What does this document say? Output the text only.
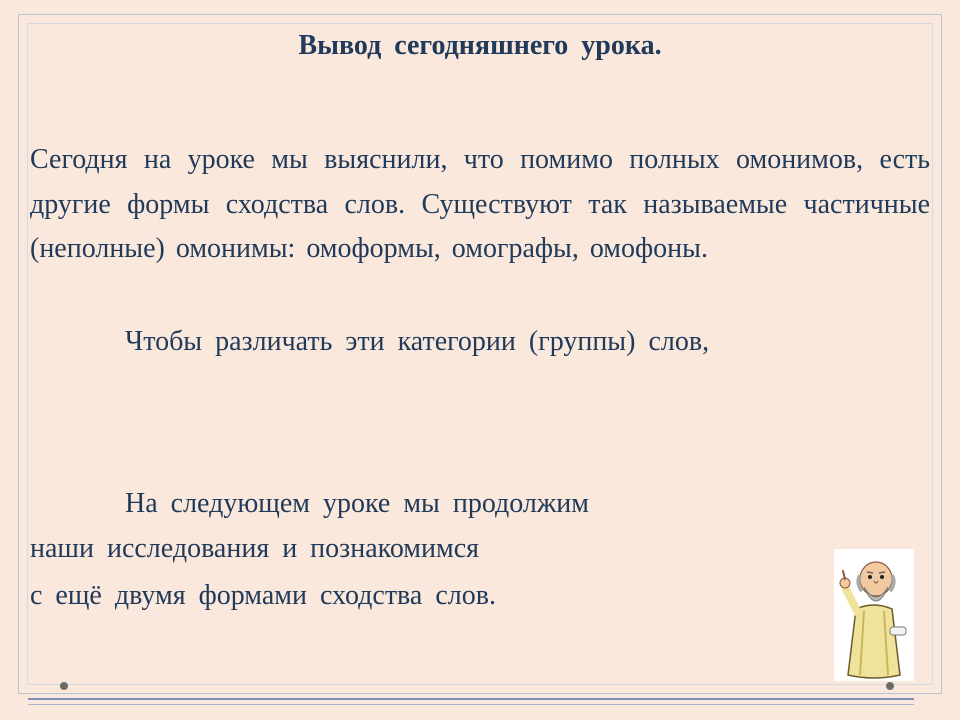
Вывод сегодняшнего урока.
Сегодня на уроке мы выяснили, что помимо полных омонимов, есть другие формы сходства слов. Существуют так называемые частичные (неполные) омонимы: омоформы, омографы, омофоны.
Чтобы различать эти категории (группы) слов,
На следующем уроке мы продолжим
наши исследования и познакомимся
с ещё двумя формами сходства слов.
